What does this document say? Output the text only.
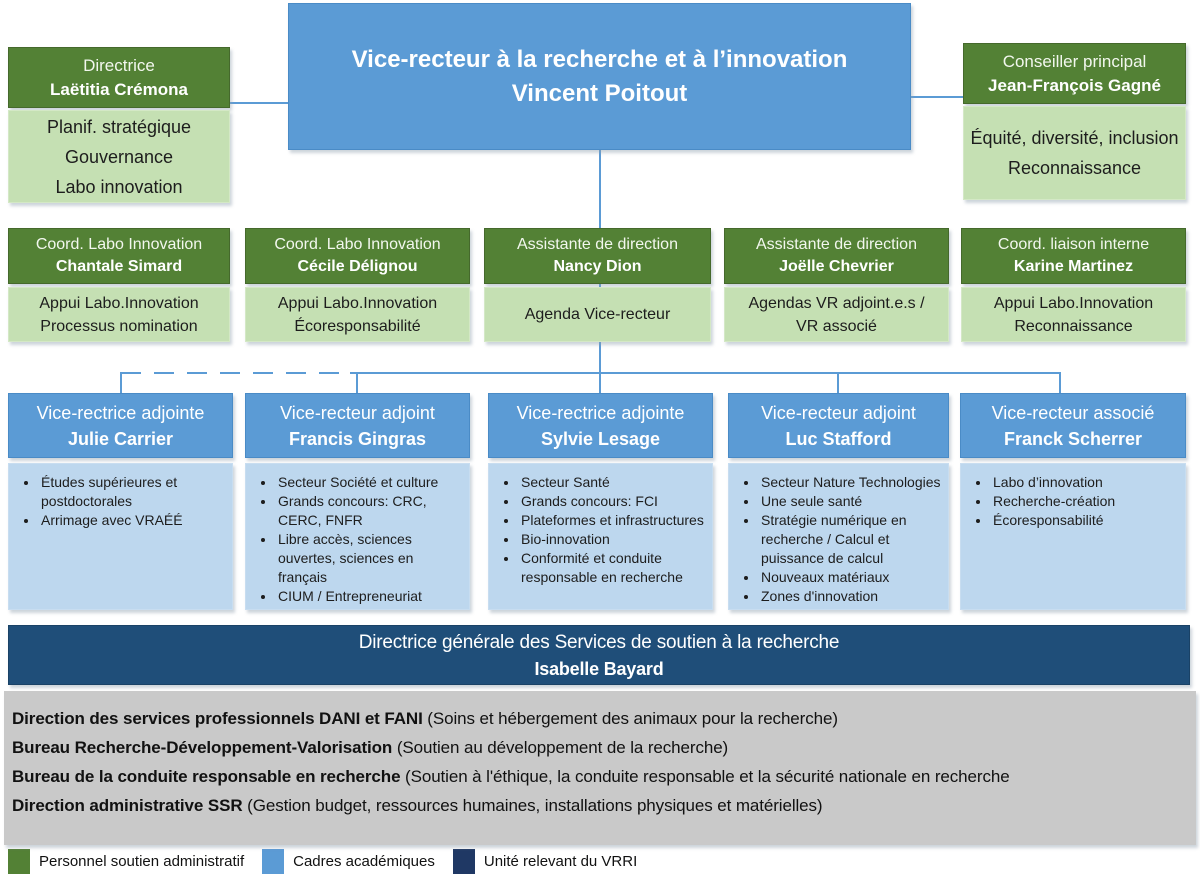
Vice-recteur à la recherche et à l’innovation
Vincent Poitout
Directrice
Laëtitia Crémona
Planif. stratégique
Gouvernance
Labo innovation
Conseiller principal
Jean-François Gagné
Équité, diversité, inclusion
Reconnaissance
Coord. Labo Innovation
Chantale Simard
Coord. Labo Innovation
Cécile Délignou
Assistante de direction
Nancy Dion
Assistante de direction
Joëlle Chevrier
Coord. liaison interne
Karine Martinez
Appui Labo.Innovation
Processus nomination
Appui Labo.Innovation
Écoresponsabilité
Agenda Vice-recteur
Agendas VR adjoint.e.s / VR associé
Appui Labo.Innovation
Reconnaissance
Vice-rectrice adjointe
Julie Carrier
Vice-recteur adjoint
Francis Gingras
Vice-rectrice adjointe
Sylvie Lesage
Vice-recteur adjoint
Luc Stafford
Vice-recteur associé
Franck Scherrer
• Études supérieures et postdoctorales
• Arrimage avec VRAÉÉ
• Secteur Société et culture
• Grands concours: CRC, CERC, FNFR
• Libre accès, sciences ouvertes, sciences en français
• CIUM / Entrepreneuriat
• Secteur Santé
• Grands concours: FCI
• Plateformes et infrastructures
• Bio-innovation
• Conformité et conduite responsable en recherche
• Secteur Nature Technologies
• Une seule santé
• Stratégie numérique en recherche / Calcul et puissance de calcul
• Nouveaux matériaux
• Zones d'innovation
• Labo d’innovation
• Recherche-création
• Écoresponsabilité
Directrice générale des Services de soutien à la recherche
Isabelle Bayard
Direction des services professionnels DANI et FANI (Soins et hébergement des animaux pour la recherche)
Bureau Recherche-Développement-Valorisation (Soutien au développement de la recherche)
Bureau de la conduite responsable en recherche (Soutien à l'éthique, la conduite responsable et la sécurité nationale en recherche
Direction administrative SSR (Gestion budget, ressources humaines, installations physiques et matérielles)
Personnel soutien administratif	Cadres académiques	Unité relevant du VRRI
